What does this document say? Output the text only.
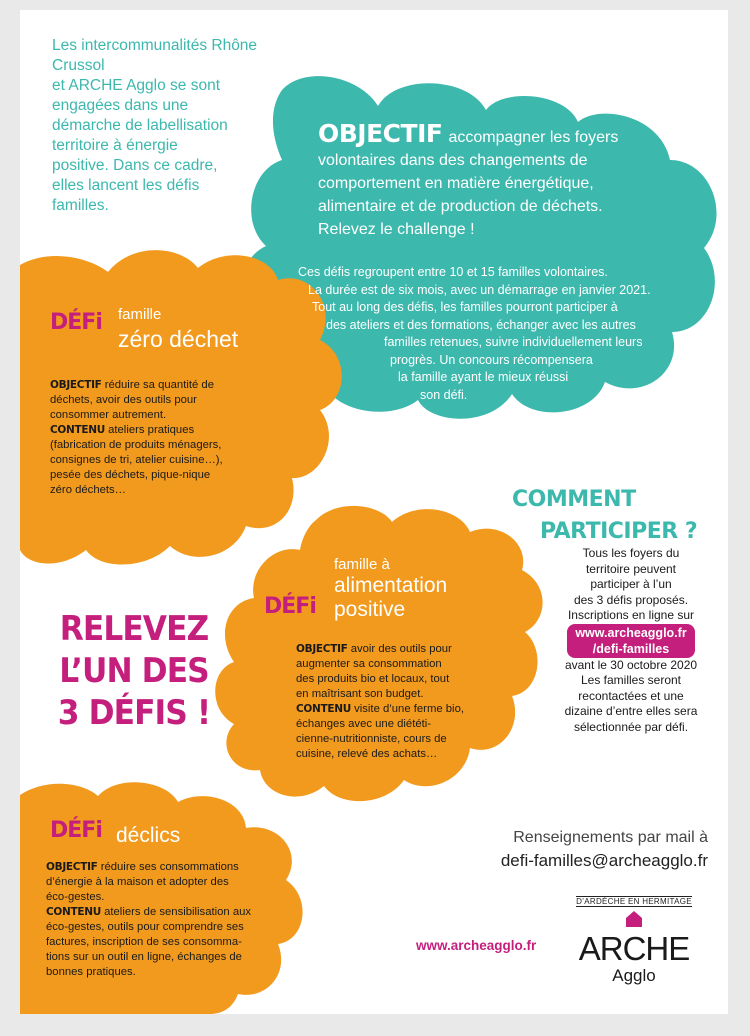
Les intercommunalités Rhône Crussol
et ARCHE Agglo se sont
engagées dans une
démarche de labellisation
territoire à énergie
positive. Dans ce cadre,
elles lancent les défis
familles.
OBJECTIF accompagner les foyers
volontaires dans des changements de
comportement en matière énergétique,
alimentaire et de production de déchets.
Relevez le challenge !

Ces défis regroupent entre 10 et 15 familles volontaires.

La durée est de six mois, avec un démarrage en janvier 2021.

Tout au long des défis, les familles pourront participer à

des ateliers et des formations, échanger avec les autres

familles retenues, suivre individuellement leurs

progrès. Un concours récompensera

la famille ayant le mieux réussi

son défi.

DÉFi famille
zéro déchet

OBJECTIF réduire sa quantité de

déchets, avoir des outils pour

consommer autrement.

CONTENU ateliers pratiques

(fabrication de produits ménagers,

consignes de tri, atelier cuisine…),

pesée des déchets, pique-nique

zéro déchets…

famille à
alimentation
positive
DÉFi

OBJECTIF avoir des outils pour

augmenter sa consommation

des produits bio et locaux, tout

en maîtrisant son budget.

CONTENU visite d’une ferme bio,

échanges avec une diététi-

cienne-nutritionniste, cours de

cuisine, relevé des achats…

RELEVEZ
L’UN DES
3 DÉFIS !
DÉFi déclics

OBJECTIF réduire ses consommations

d’énergie à la maison et adopter des

éco-gestes.

CONTENU ateliers de sensibilisation aux

éco-gestes, outils pour comprendre ses

factures, inscription de ses consomma-

tions sur un outil en ligne, échanges de

bonnes pratiques.

COMMENT
PARTICIPER ?
Tous les foyers du
territoire peuvent
participer à l’un
des 3 défis proposés.
Inscriptions en ligne sur
www.archeagglo.fr
/defi-familles
avant le 30 octobre 2020
Les familles seront
recontactées et une
dizaine d’entre elles sera
sélectionnée par défi.
Renseignements par mail à
defi-familles@archeagglo.fr
www.archeagglo.fr
D’ARDÈCHE EN HERMITAGE
ARCHE
Agglo
